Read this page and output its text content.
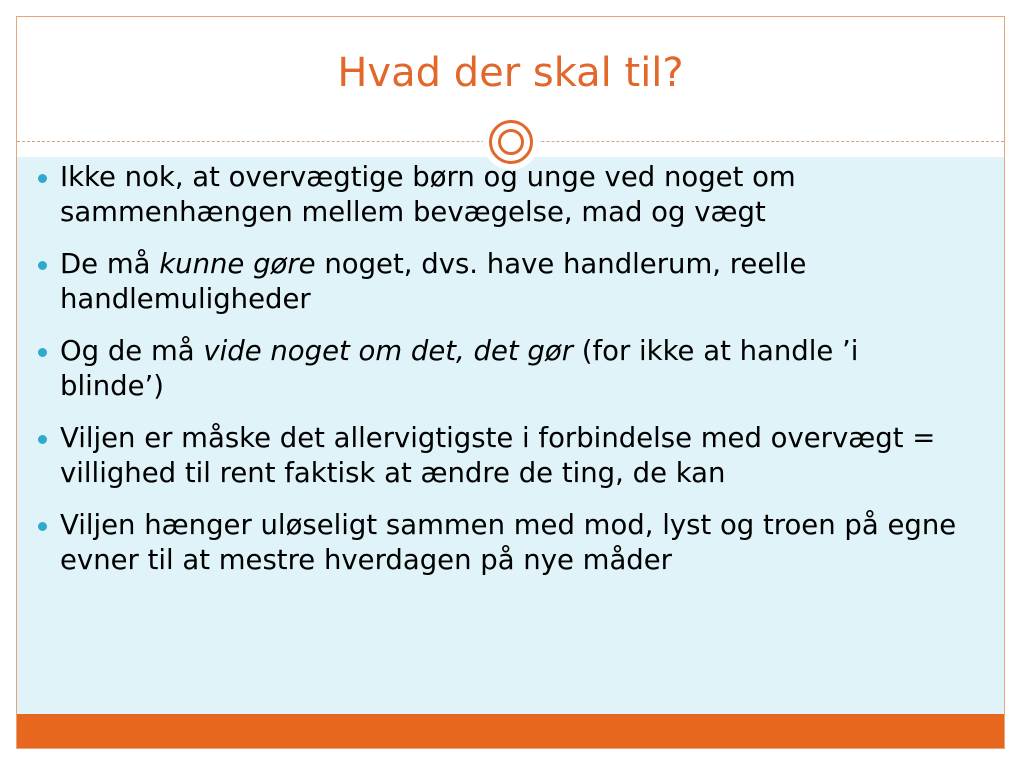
Hvad der skal til?
Ikke nok, at overvægtige børn og unge ved noget om sammenhængen mellem bevægelse, mad og vægt
De må kunne gøre noget, dvs. have handlerum, reelle handlemuligheder
Og de må vide noget om det, det gør (for ikke at handle ’i blinde’)
Viljen er måske det allervigtigste i forbindelse med overvægt = villighed til rent faktisk at ændre de ting, de kan
Viljen hænger uløseligt sammen med mod, lyst og troen på egne evner til at mestre hverdagen på nye måder
